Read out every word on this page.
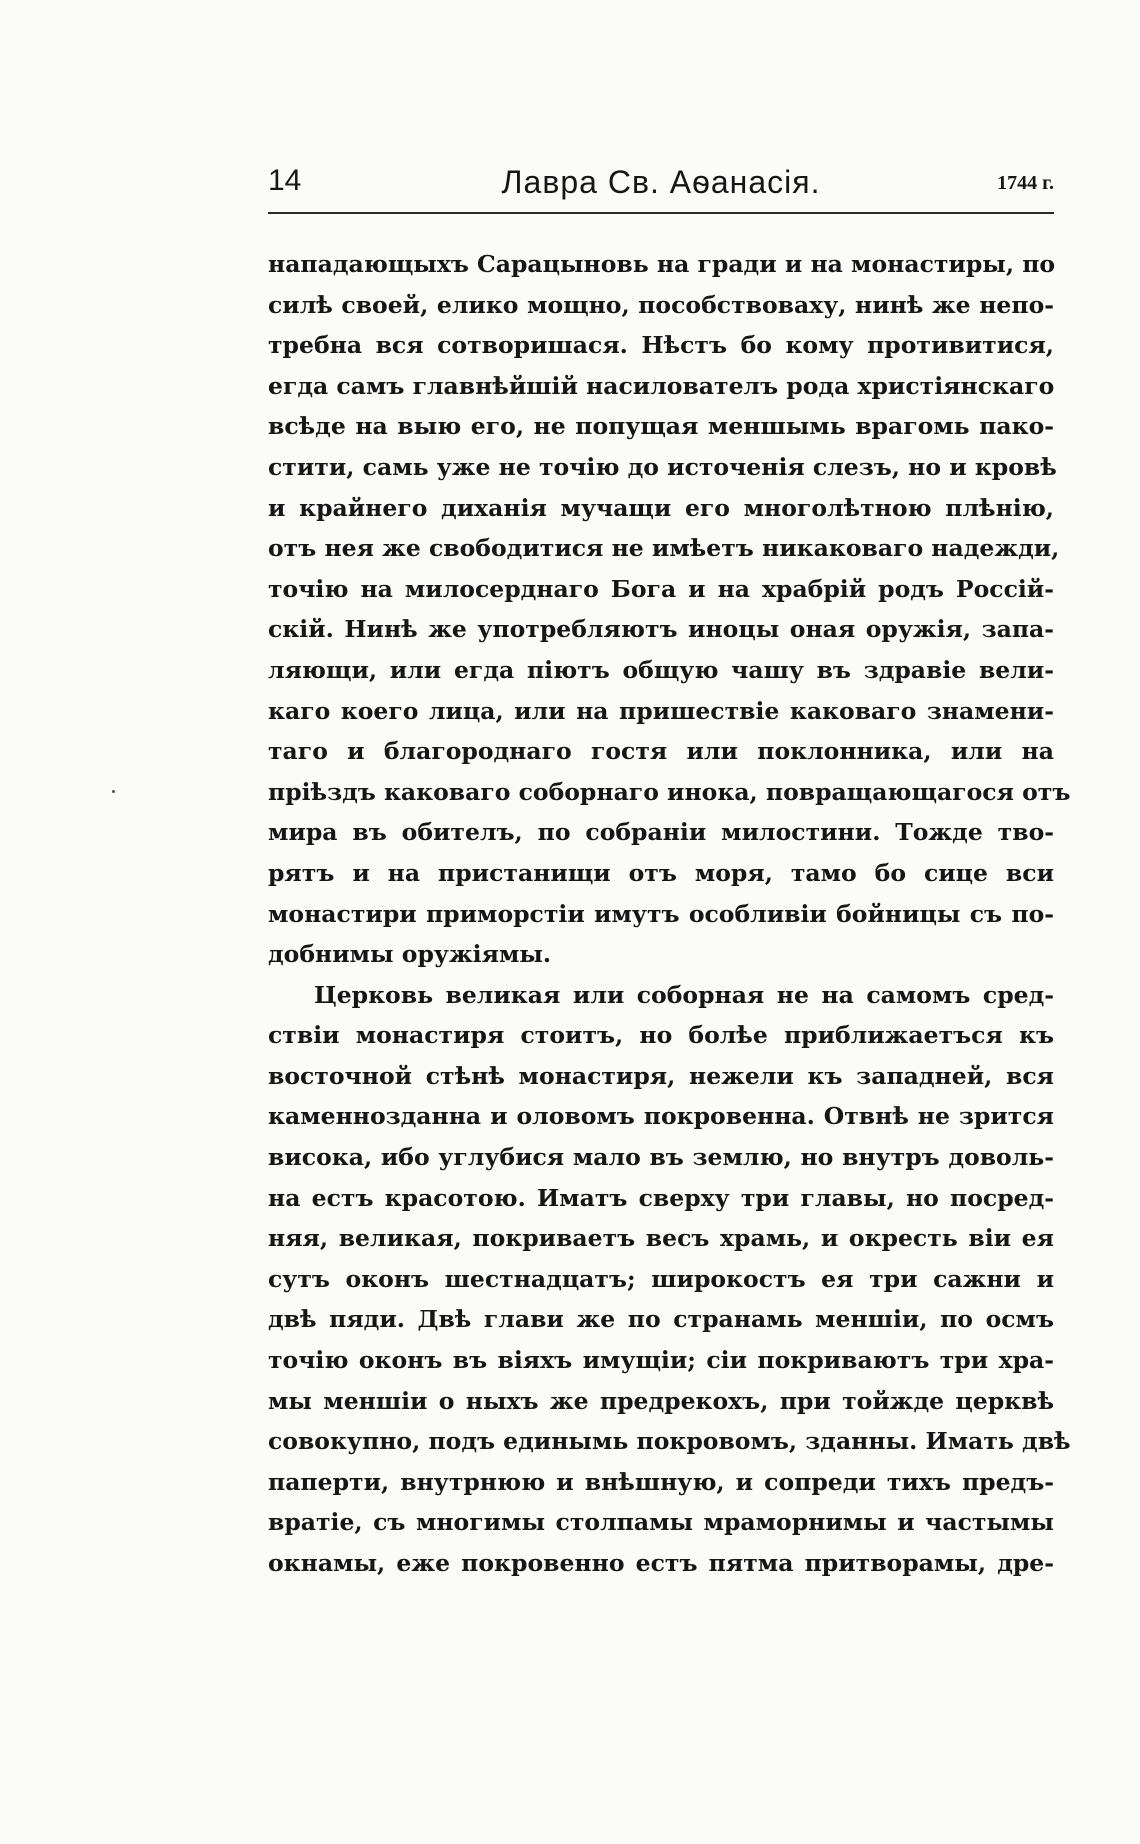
14	Лавра Св. Аѳанасія.	1744 г.
нападающыхъ Сарацыновь на гради и на монастиры, по
силѣ своей, елико мощно, пособствоваху, нинѣ же непо-
требна вся сотворишася. Нѣстъ бо кому противитися,
егда самъ главнѣйшій насилователъ рода христіянскаго
всѣде на выю его, не попущая меншымь врагомь пако-
стити, самь уже не точію до источенія слезъ, но и кровѣ
и крайнего диханія мучащи его многолѣтною плѣнію,
отъ нея же свободитися не имѣетъ никаковаго надежди,
точію на милосерднаго Бога и на храбрій родъ Россій-
скій. Нинѣ же употребляютъ иноцы оная оружія, запа-
ляющи, или егда піютъ общую чашу въ здравіе вели-
каго коего лица, или на пришествіе каковаго знамени-
таго и благороднаго гостя или поклонника, или на
пріѣздъ каковаго соборнаго инока, повращающагося отъ
мира въ обителъ, по собраніи милостини. Тожде тво-
рятъ и на пристанищи отъ моря, тамо бо сице вси
монастири приморстіи имутъ особливіи бойницы съ по-
добнимы оружіямы.
Церковь великая или соборная не на самомъ сред-
ствіи монастиря стоитъ, но болѣе приближаетъся къ
восточной стѣнѣ монастиря, нежели къ западней, вся
каменнозданна и оловомъ покровенна. Отвнѣ не зрится
висока, ибо углубися мало въ землю, но внутръ доволь-
на естъ красотою. Иматъ сверху три главы, но посред-
няя, великая, покриваетъ весъ храмь, и окресть віи ея
сутъ оконъ шестнадцатъ; широкостъ ея три сажни и
двѣ пяди. Двѣ глави же по странамь меншіи, по осмъ
точію оконъ въ віяхъ имущіи; сіи покриваютъ три хра-
мы меншіи о ныхъ же предрекохъ, при тойжде церквѣ
совокупно, подъ единымь покровомъ, зданны. Имать двѣ
паперти, внутрнюю и внѣшную, и сопреди тихъ предъ-
вратіе, съ многимы столпамы мраморнимы и частымы
окнамы, еже покровенно естъ пятма притворамы, дре-
